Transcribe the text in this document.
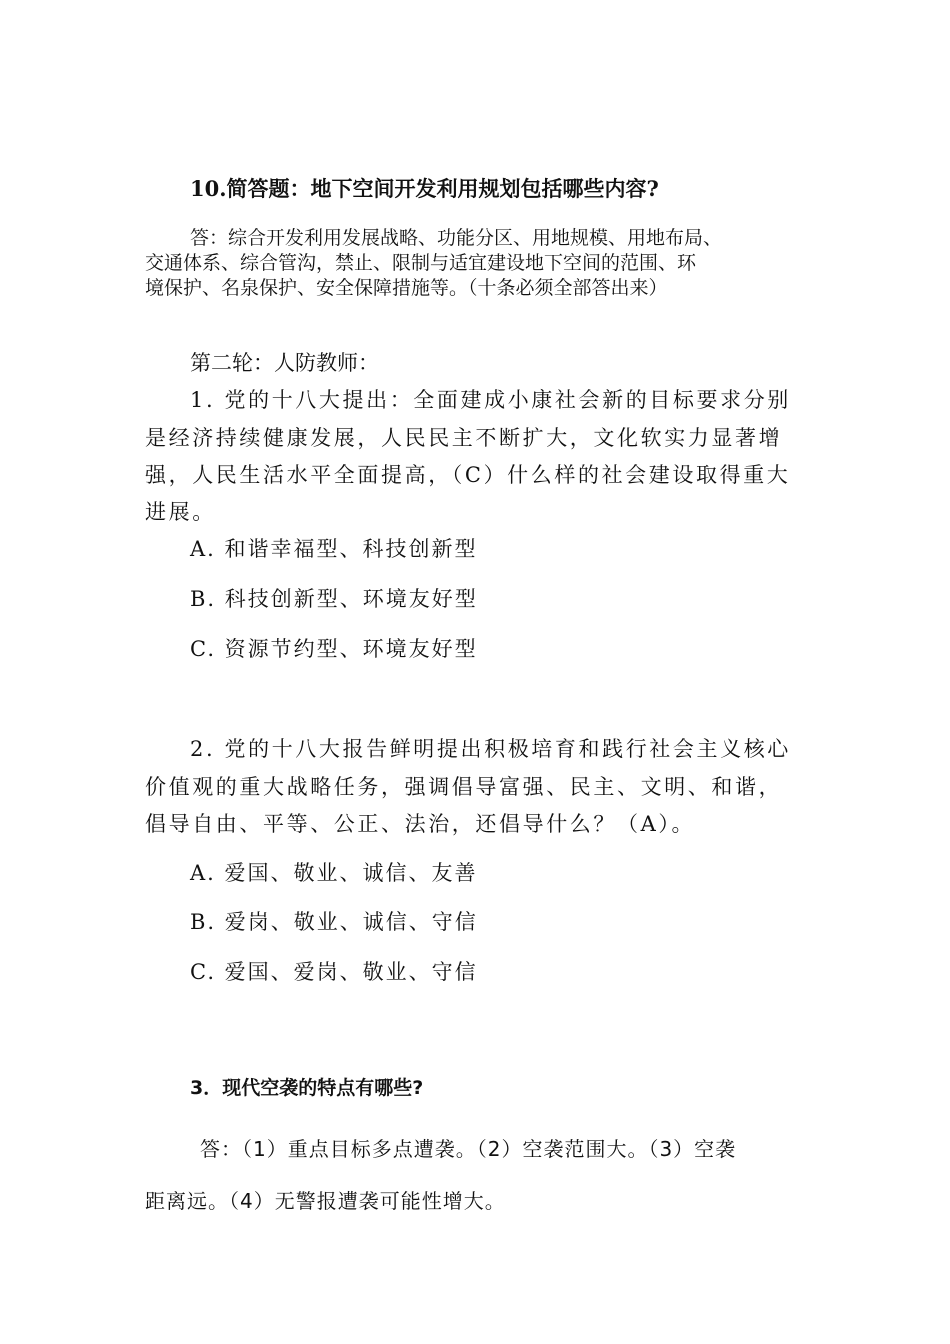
10.简答题：地下空间开发利用规划包括哪些内容?
答：综合开发利用发展战略、功能分区、用地规模、用地布局、
交通体系、综合管沟，禁止、限制与适宜建设地下空间的范围、环
境保护、名泉保护、安全保障措施等。（十条必须全部答出来）
第二轮：人防教师：
1. 党的十八大提出：全面建成小康社会新的目标要求分别
是经济持续健康发展，人民民主不断扩大，文化软实力显著增
强，人民生活水平全面提高，（C）什么样的社会建设取得重大
进展。
A. 和谐幸福型、科技创新型
B. 科技创新型、环境友好型
C. 资源节约型、环境友好型
2. 党的十八大报告鲜明提出积极培育和践行社会主义核心
价值观的重大战略任务，强调倡导富强、民主、文明、和谐，
倡导自由、平等、公正、法治，还倡导什么？（A）。
A. 爱国、敬业、诚信、友善
B. 爱岗、敬业、诚信、守信
C. 爱国、爱岗、敬业、守信
3．现代空袭的特点有哪些?
答：（1）重点目标多点遭袭。（2）空袭范围大。（3）空袭
距离远。（4）无警报遭袭可能性增大。
